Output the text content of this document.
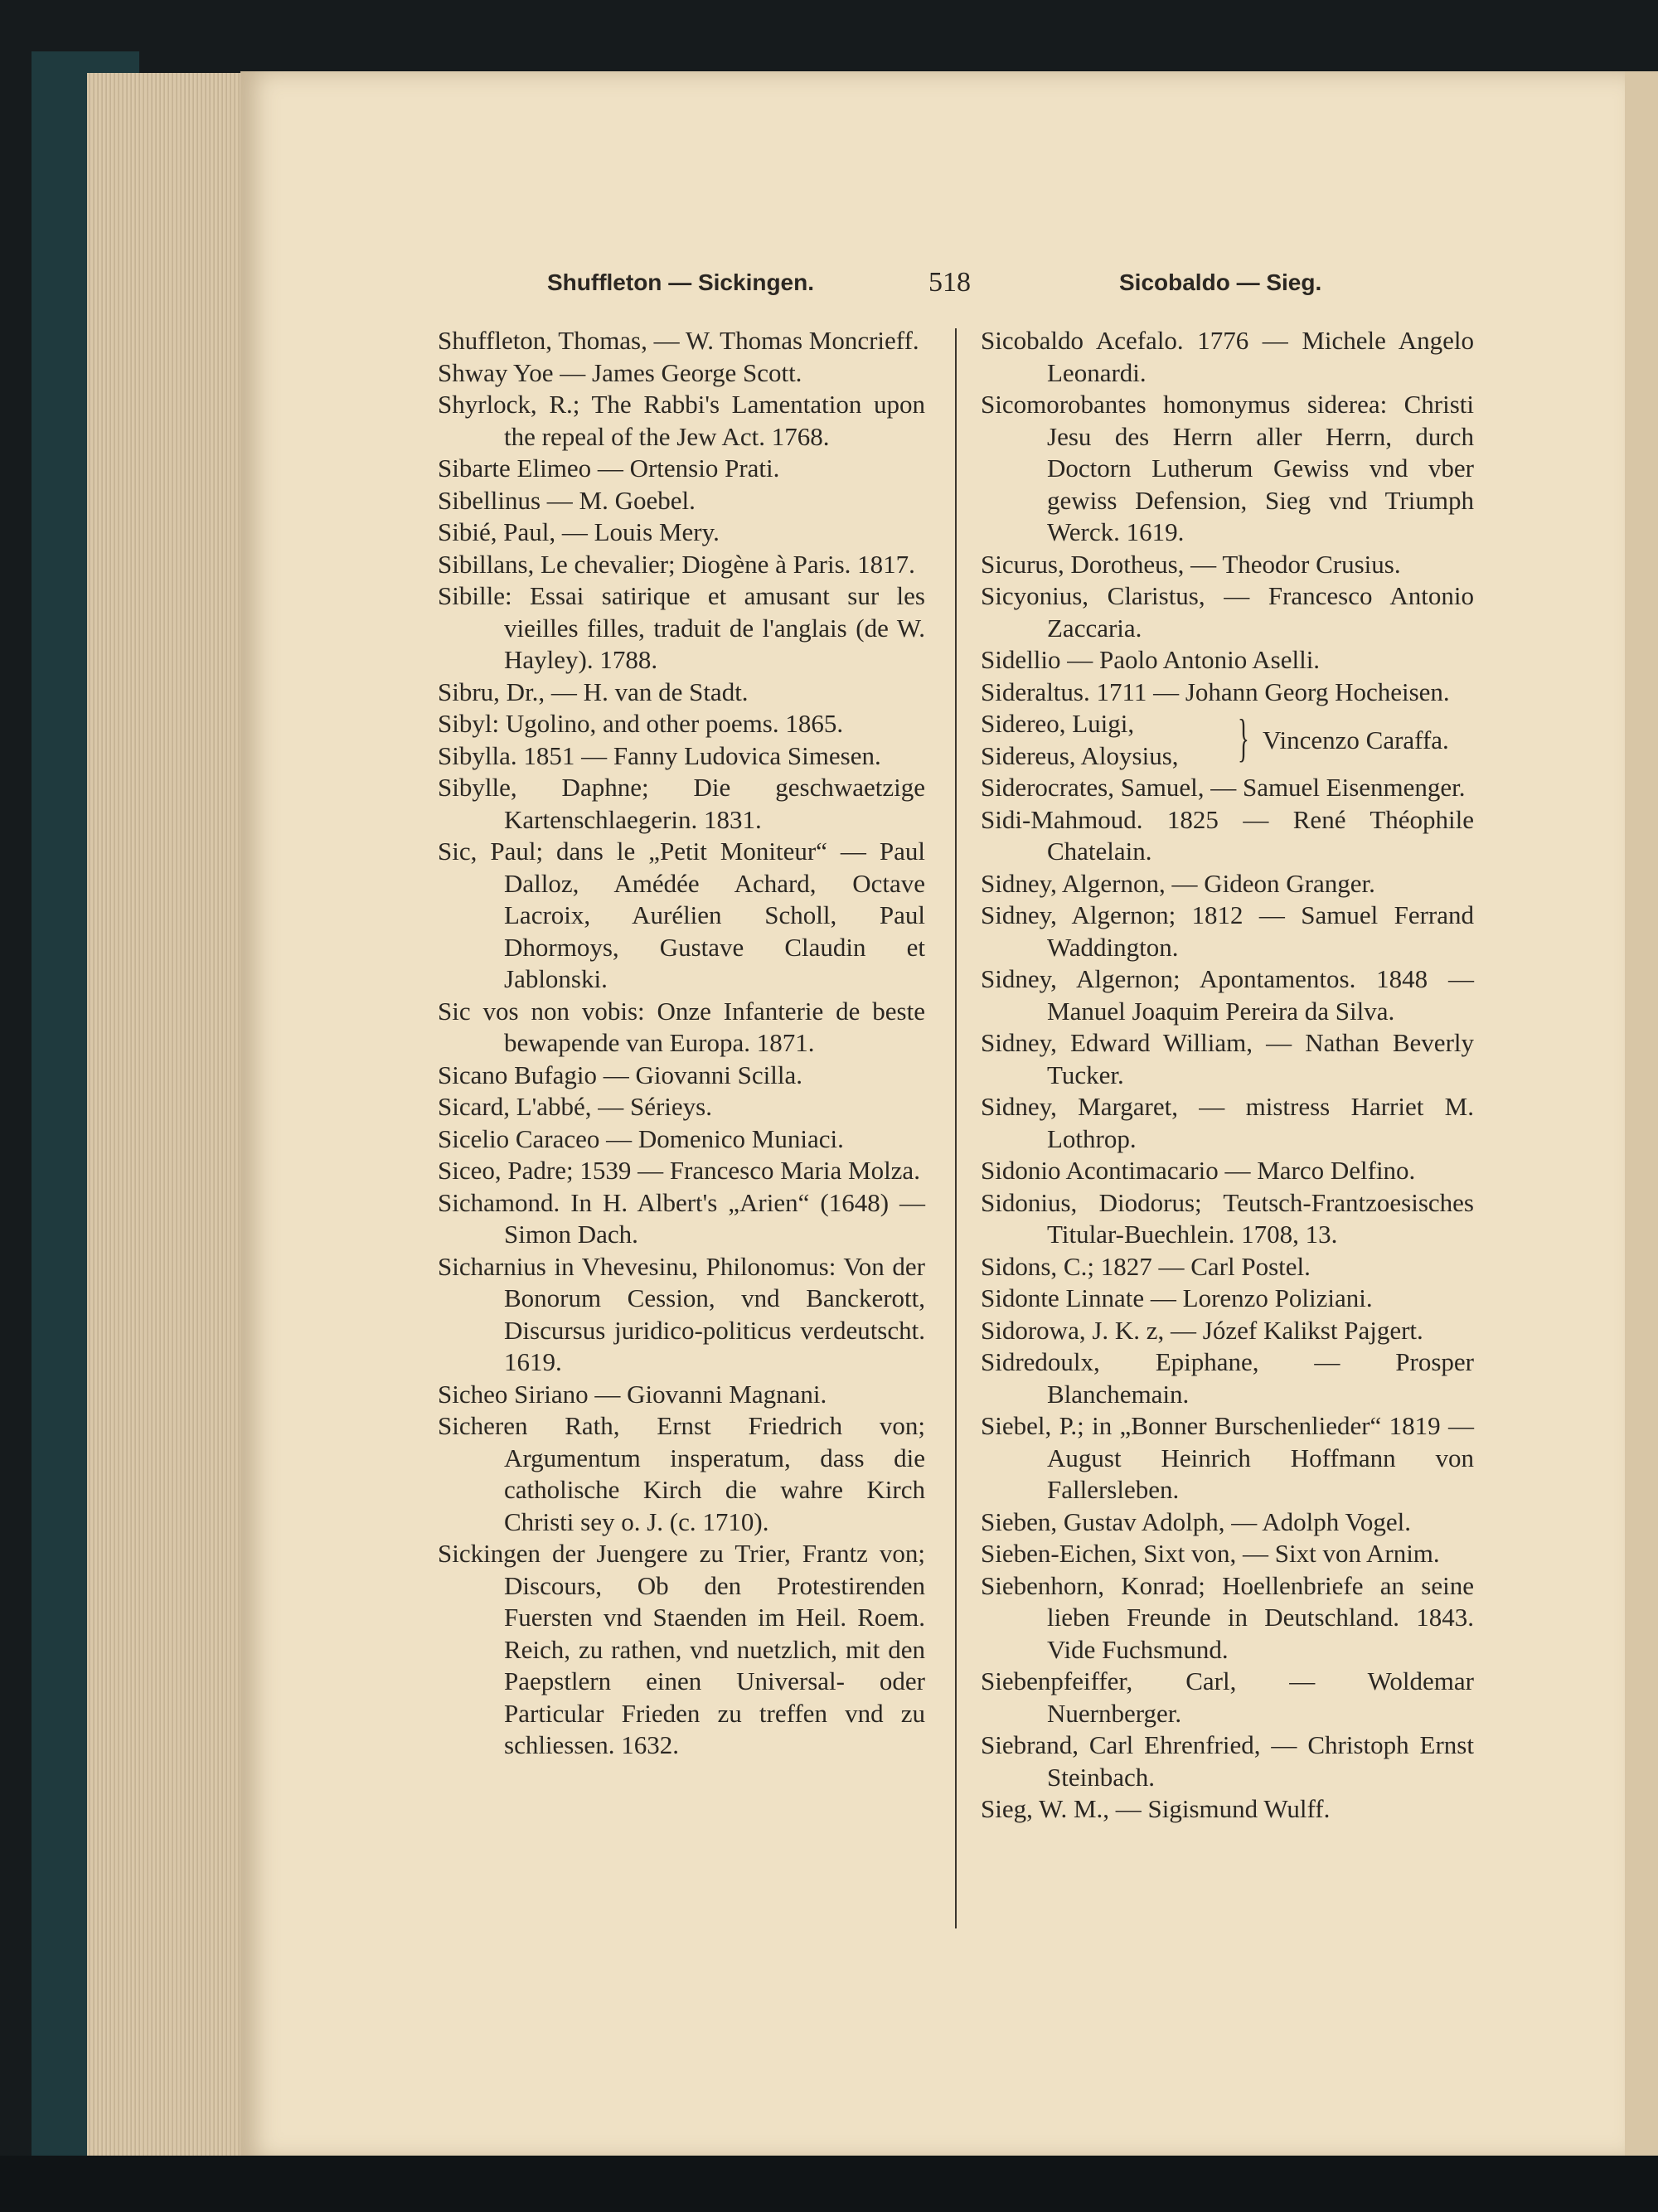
Shuffleton — Sickingen.	518	Sicobaldo — Sieg.

Shuffleton, Thomas, — W. Thomas Moncrieff.

Shway Yoe — James George Scott.

Shyrlock, R.; The Rabbi's Lamentation upon the repeal of the Jew Act. 1768.

Sibarte Elimeo — Ortensio Prati.

Sibellinus — M. Goebel.

Sibié, Paul, — Louis Mery.

Sibillans, Le chevalier; Diogène à Paris. 1817.

Sibille: Essai satirique et amusant sur les vieilles filles, traduit de l'anglais (de W. Hayley). 1788.

Sibru, Dr., — H. van de Stadt.

Sibyl: Ugolino, and other poems. 1865.

Sibylla. 1851 — Fanny Ludovica Simesen.

Sibylle, Daphne; Die geschwaetzige Kartenschlaegerin. 1831.

Sic, Paul; dans le „Petit Moniteur“ — Paul Dalloz, Amédée Achard, Octave Lacroix, Aurélien Scholl, Paul Dhormoys, Gustave Claudin et Jablonski.

Sic vos non vobis: Onze Infanterie de beste bewapende van Europa. 1871.

Sicano Bufagio — Giovanni Scilla.

Sicard, L'abbé, — Sérieys.

Sicelio Caraceo — Domenico Muniaci.

Siceo, Padre; 1539 — Francesco Maria Molza.

Sichamond. In H. Albert's „Arien“ (1648) — Simon Dach.

Sicharnius in Vhevesinu, Philonomus: Von der Bonorum Cession, vnd Banckerott, Discursus juridico-politicus verdeutscht. 1619.

Sicheo Siriano — Giovanni Magnani.

Sicheren Rath, Ernst Friedrich von; Argumentum insperatum, dass die catholische Kirch die wahre Kirch Christi sey o. J. (c. 1710).

Sickingen der Juengere zu Trier, Frantz von; Discours, Ob den Protestirenden Fuersten vnd Staenden im Heil. Roem. Reich, zu rathen, vnd nuetzlich, mit den Paepstlern einen Universal- oder Particular Frieden zu treffen vnd zu schliessen. 1632.

Sicobaldo Acefalo. 1776 — Michele Angelo Leonardi.

Sicomorobantes homonymus siderea: Christi Jesu des Herrn aller Herrn, durch Doctorn Lutherum Gewiss vnd vber gewiss Defension, Sieg vnd Triumph Werck. 1619.

Sicurus, Dorotheus, — Theodor Crusius.

Sicyonius, Claristus, — Francesco Antonio Zaccaria.

Sidellio — Paolo Antonio Aselli.

Sideraltus. 1711 — Johann Georg Hocheisen.

Sidereo, Luigi,
Sidereus, Aloysius, } Vincenzo Caraffa.

Siderocrates, Samuel, — Samuel Eisenmenger.

Sidi-Mahmoud. 1825 — René Théophile Chatelain.

Sidney, Algernon, — Gideon Granger.

Sidney, Algernon; 1812 — Samuel Ferrand Waddington.

Sidney, Algernon; Apontamentos. 1848 — Manuel Joaquim Pereira da Silva.

Sidney, Edward William, — Nathan Beverly Tucker.

Sidney, Margaret, — mistress Harriet M. Lothrop.

Sidonio Acontimacario — Marco Delfino.

Sidonius, Diodorus; Teutsch-Frantzoesisches Titular-Buechlein. 1708, 13.

Sidons, C.; 1827 — Carl Postel.

Sidonte Linnate — Lorenzo Poliziani.

Sidorowa, J. K. z, — Józef Kalikst Pajgert.

Sidredoulx, Epiphane, — Prosper Blanchemain.

Siebel, P.; in „Bonner Burschenlieder“ 1819 — August Heinrich Hoffmann von Fallersleben.

Sieben, Gustav Adolph, — Adolph Vogel.

Sieben-Eichen, Sixt von, — Sixt von Arnim.

Siebenhorn, Konrad; Hoellenbriefe an seine lieben Freunde in Deutschland. 1843. Vide Fuchsmund.

Siebenpfeiffer, Carl, — Woldemar Nuernberger.

Siebrand, Carl Ehrenfried, — Christoph Ernst Steinbach.

Sieg, W. M., — Sigismund Wulff.
